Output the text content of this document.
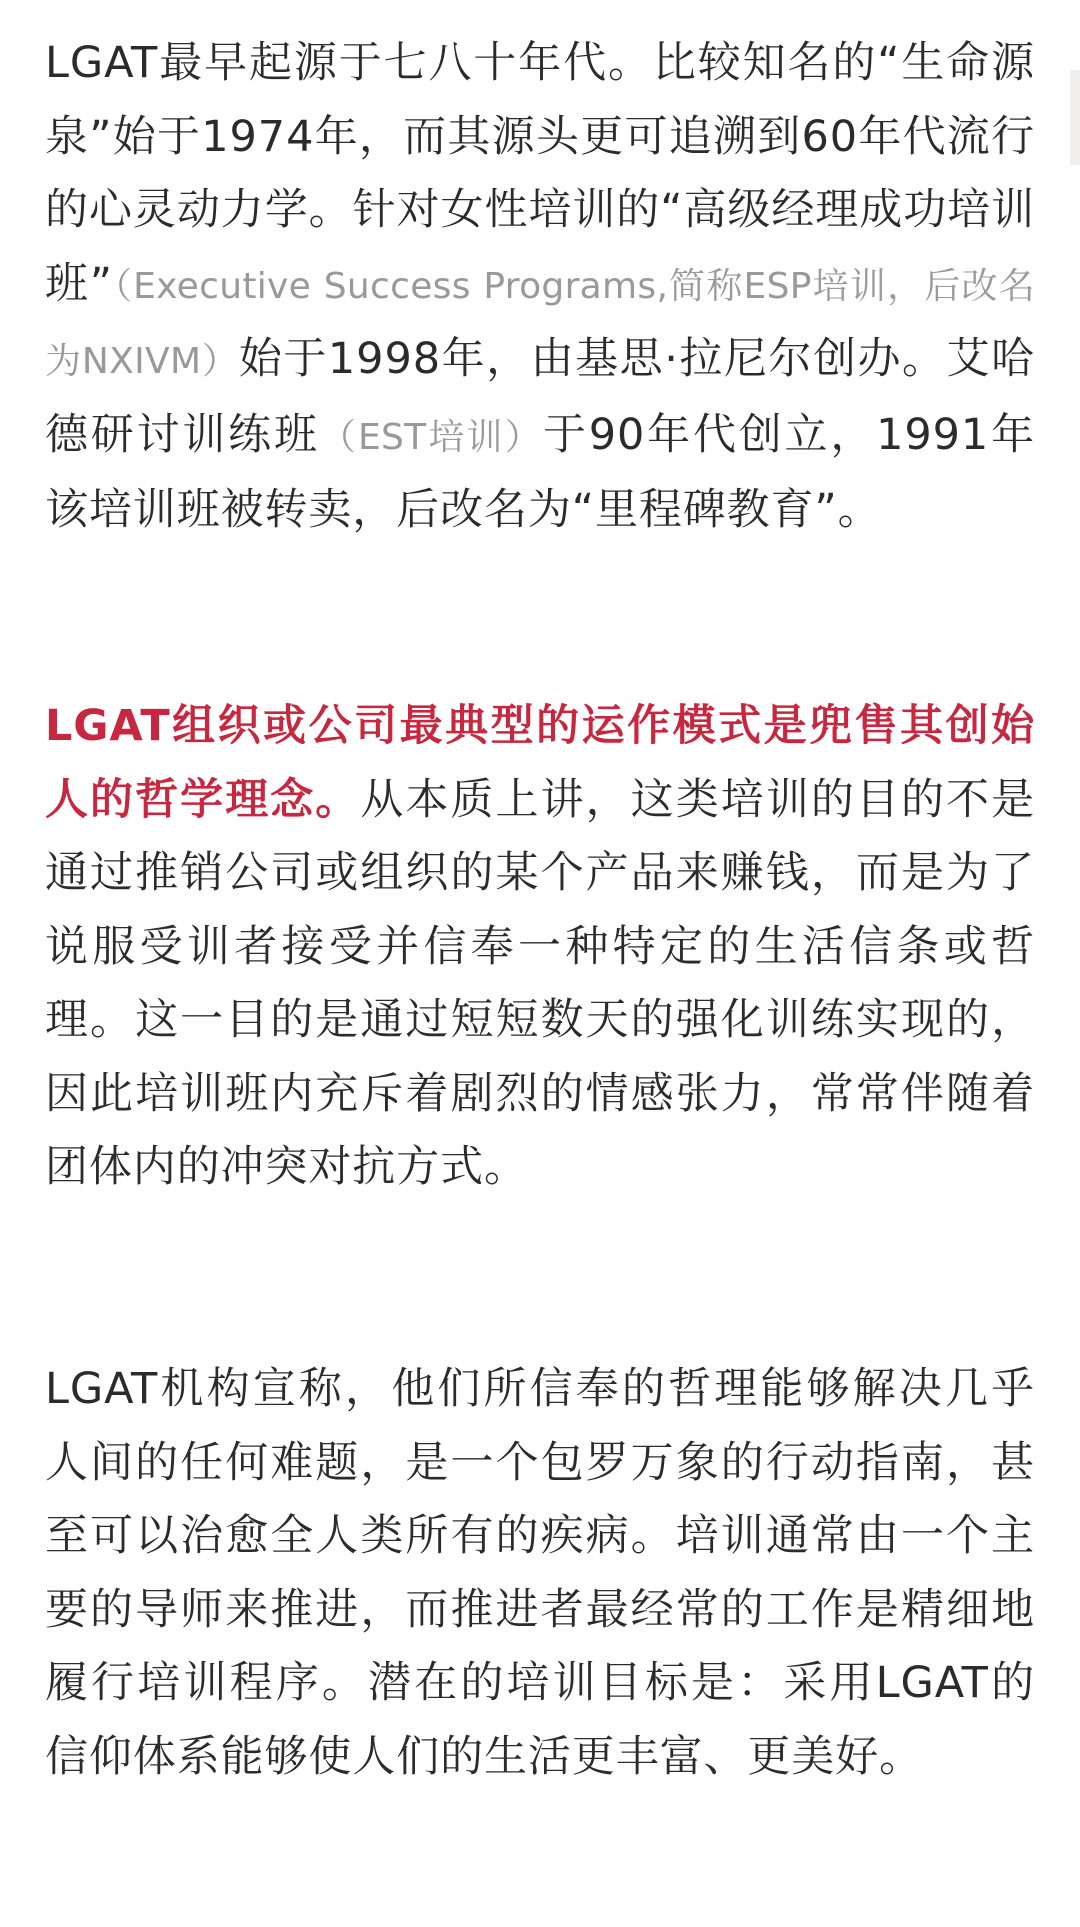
LGAT最早起源于七八十年代。比较知名的“生命源泉”始于1974年，而其源头更可追溯到60年代流行的心灵动力学。针对女性培训的“高级经理成功培训班”（Executive Success Programs,简称ESP培训，后改名为NXIVM）始于1998年，由基思·拉尼尔创办。艾哈德研讨训练班（EST培训）于90年代创立，1991年该培训班被转卖，后改名为“里程碑教育”。

LGAT组织或公司最典型的运作模式是兜售其创始人的哲学理念。从本质上讲，这类培训的目的不是通过推销公司或组织的某个产品来赚钱，而是为了说服受训者接受并信奉一种特定的生活信条或哲理。这一目的是通过短短数天的强化训练实现的，因此培训班内充斥着剧烈的情感张力，常常伴随着团体内的冲突对抗方式。

LGAT机构宣称，他们所信奉的哲理能够解决几乎人间的任何难题，是一个包罗万象的行动指南，甚至可以治愈全人类所有的疾病。培训通常由一个主要的导师来推进，而推进者最经常的工作是精细地履行培训程序。潜在的培训目标是：采用LGAT的信仰体系能够使人们的生活更丰富、更美好。
